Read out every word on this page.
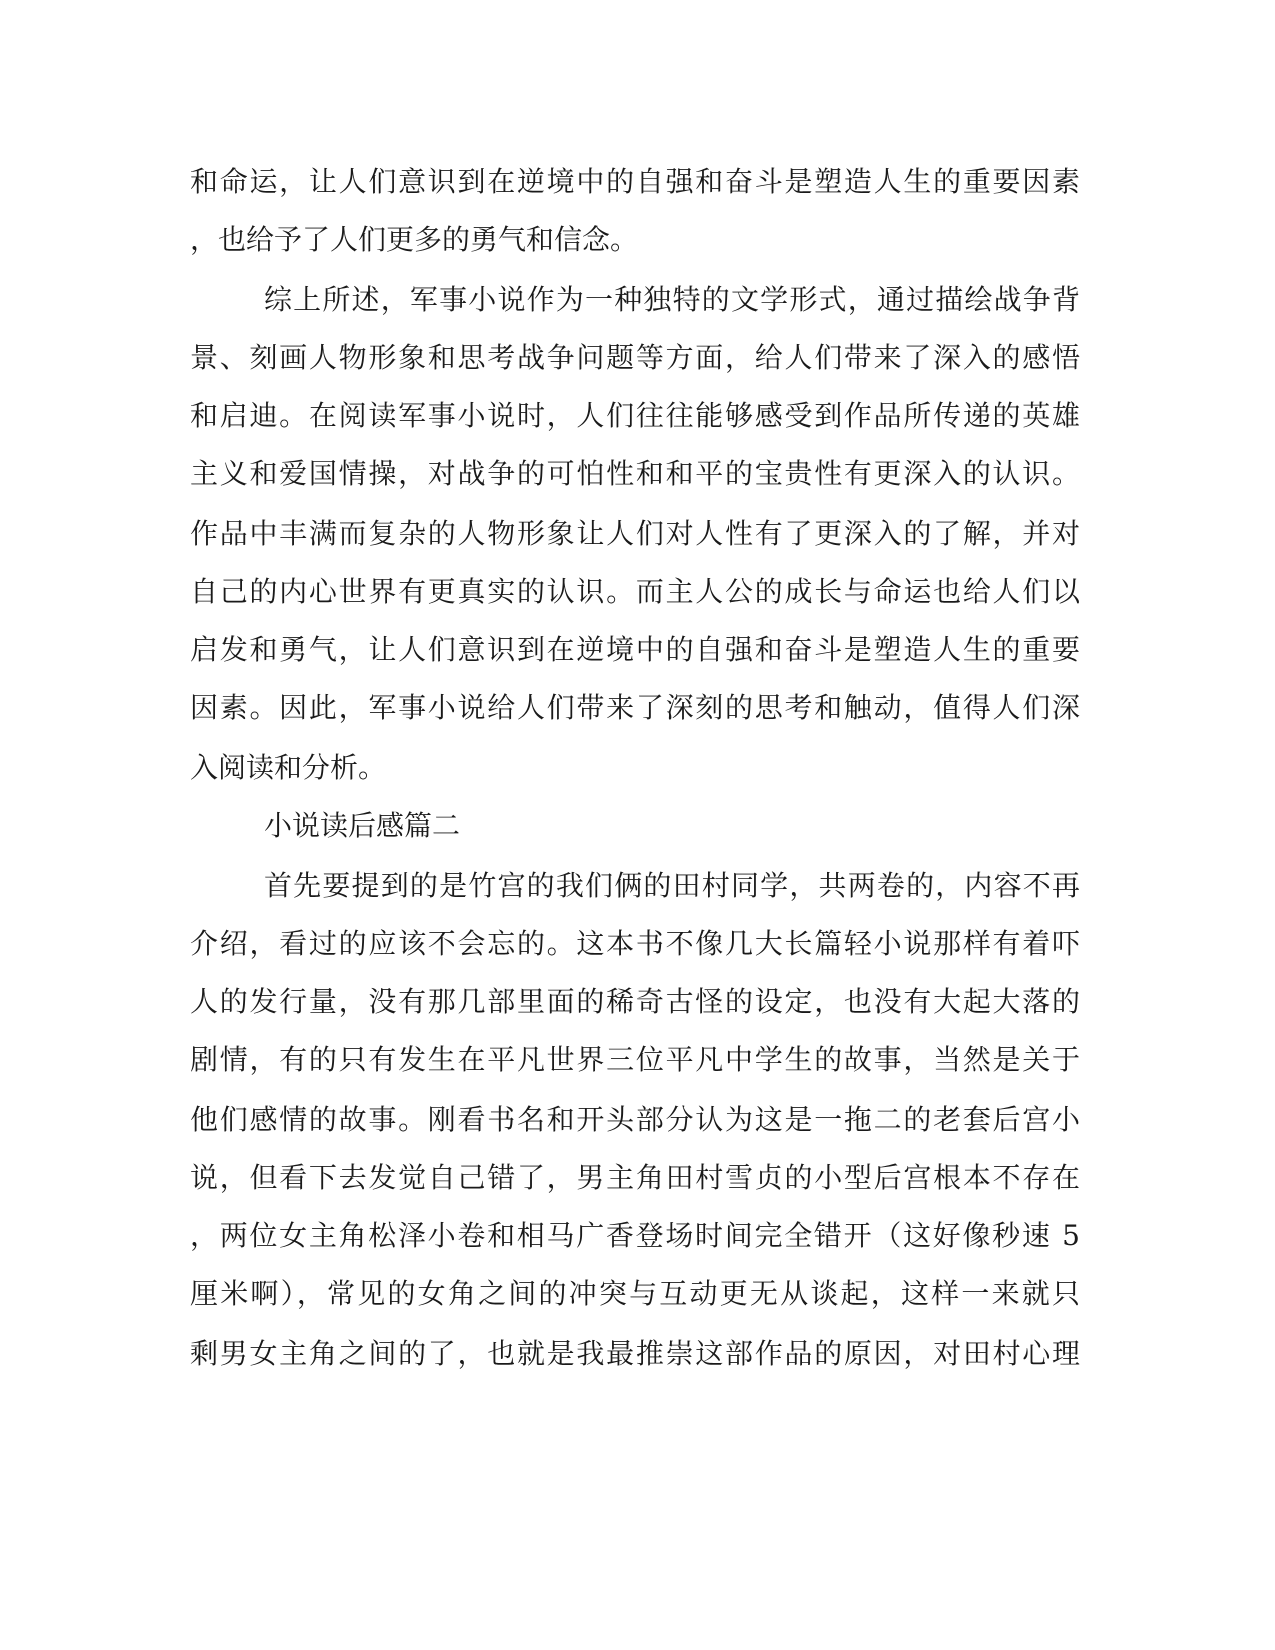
和命运，让人们意识到在逆境中的自强和奋斗是塑造人生的重要因素
，也给予了人们更多的勇气和信念。
综上所述，军事小说作为一种独特的文学形式，通过描绘战争背
景、刻画人物形象和思考战争问题等方面，给人们带来了深入的感悟
和启迪。在阅读军事小说时，人们往往能够感受到作品所传递的英雄
主义和爱国情操，对战争的可怕性和和平的宝贵性有更深入的认识。
作品中丰满而复杂的人物形象让人们对人性有了更深入的了解，并对
自己的内心世界有更真实的认识。而主人公的成长与命运也给人们以
启发和勇气，让人们意识到在逆境中的自强和奋斗是塑造人生的重要
因素。因此，军事小说给人们带来了深刻的思考和触动，值得人们深
入阅读和分析。
小说读后感篇二
首先要提到的是竹宫的我们俩的田村同学，共两卷的，内容不再
介绍，看过的应该不会忘的。这本书不像几大长篇轻小说那样有着吓
人的发行量，没有那几部里面的稀奇古怪的设定，也没有大起大落的
剧情，有的只有发生在平凡世界三位平凡中学生的故事，当然是关于
他们感情的故事。刚看书名和开头部分认为这是一拖二的老套后宫小
说，但看下去发觉自己错了，男主角田村雪贞的小型后宫根本不存在
，两位女主角松泽小卷和相马广香登场时间完全错开（这好像秒速 5
厘米啊），常见的女角之间的冲突与互动更无从谈起，这样一来就只
剩男女主角之间的了，也就是我最推崇这部作品的原因，对田村心理
